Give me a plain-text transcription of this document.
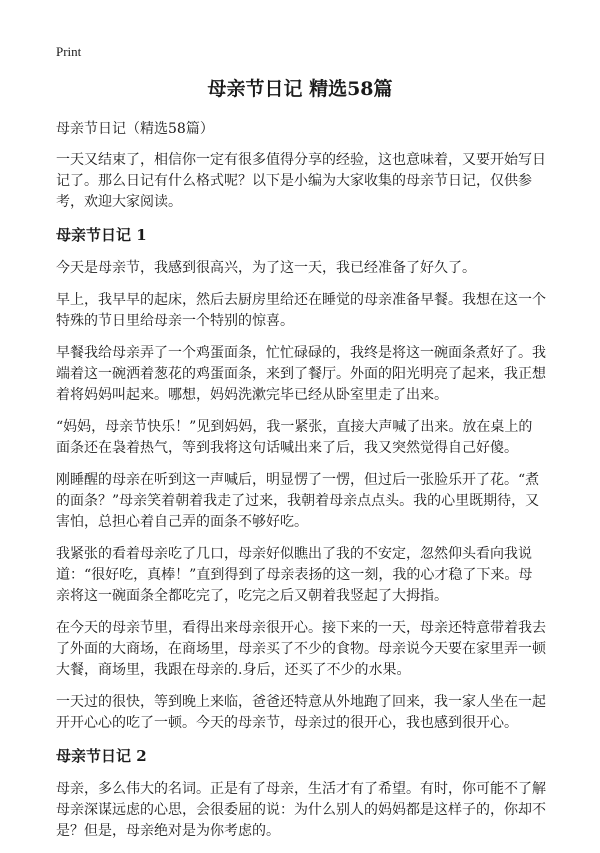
Print
母亲节日记 精选58篇
母亲节日记（精选58篇）

一天又结束了，相信你一定有很多值得分享的经验，这也意味着，又要开始写日记了。那么日记有什么格式呢？以下是小编为大家收集的母亲节日记，仅供参考，欢迎大家阅读。

母亲节日记 1

今天是母亲节，我感到很高兴，为了这一天，我已经准备了好久了。

早上，我早早的起床，然后去厨房里给还在睡觉的母亲准备早餐。我想在这一个特殊的节日里给母亲一个特别的惊喜。

早餐我给母亲弄了一个鸡蛋面条，忙忙碌碌的，我终是将这一碗面条煮好了。我端着这一碗洒着葱花的鸡蛋面条，来到了餐厅。外面的阳光明亮了起来，我正想着将妈妈叫起来。哪想，妈妈洗漱完毕已经从卧室里走了出来。

“妈妈，母亲节快乐！”见到妈妈，我一紧张，直接大声喊了出来。放在桌上的面条还在袅着热气，等到我将这句话喊出来了后，我又突然觉得自己好傻。

刚睡醒的母亲在听到这一声喊后，明显愣了一愣，但过后一张脸乐开了花。“煮的面条？”母亲笑着朝着我走了过来，我朝着母亲点点头。我的心里既期待，又害怕，总担心着自己弄的面条不够好吃。

我紧张的看着母亲吃了几口，母亲好似瞧出了我的不安定，忽然仰头看向我说道：“很好吃，真棒！”直到得到了母亲表扬的这一刻，我的心才稳了下来。母亲将这一碗面条全都吃完了，吃完之后又朝着我竖起了大拇指。

在今天的母亲节里，看得出来母亲很开心。接下来的一天，母亲还特意带着我去了外面的大商场，在商场里，母亲买了不少的食物。母亲说今天要在家里弄一顿大餐，商场里，我跟在母亲的.身后，还买了不少的水果。

一天过的很快，等到晚上来临，爸爸还特意从外地跑了回来，我一家人坐在一起开开心心的吃了一顿。今天的母亲节，母亲过的很开心，我也感到很开心。

母亲节日记 2

母亲，多么伟大的名词。正是有了母亲，生活才有了希望。有时，你可能不了解母亲深谋远虑的心思，会很委屈的说：为什么别人的妈妈都是这样子的，你却不是？但是，母亲绝对是为你考虑的。
